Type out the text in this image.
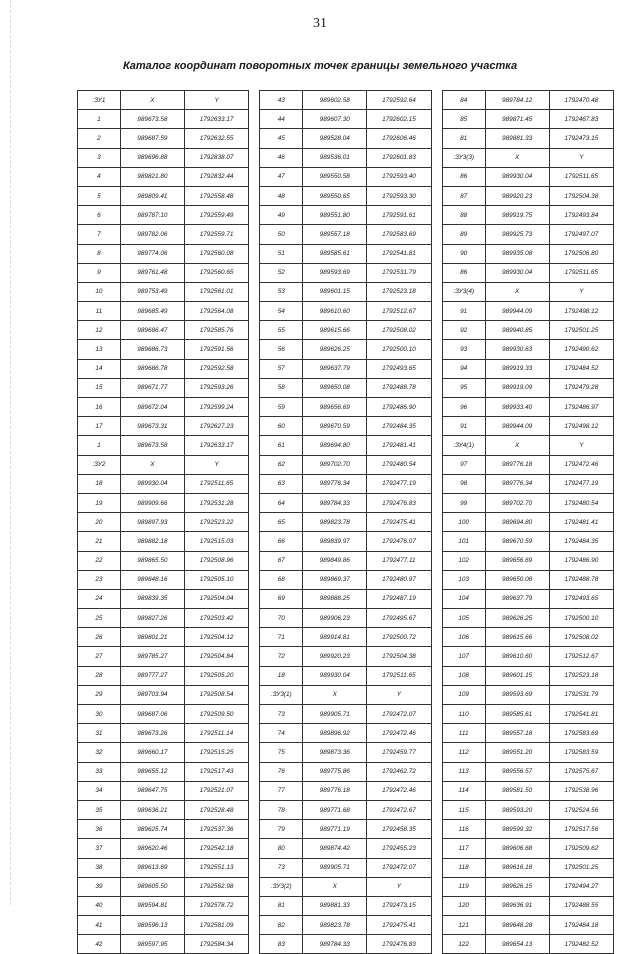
31
Каталог координат поворотных точек границы земельного участка
:ЗУ1	X	Y		43	989602.58	1792592.64		84	989784.12	1792470.48
1	989673.58	1792633.17		44	989607.30	1792602.15		85	989871.45	1792467.83
2	989687.59	1792632.55		45	989528.04	1792606.46		81	989881.33	1792473.15
3	989696.88	1792838.07		46	989536.01	1792601.83		:ЗУ3(3)	X	Y
4	989821.80	1792832.44		47	989550.58	1792593.40		86	989930.04	1792511.65
5	989809.41	1792558.48		48	989550.65	1792593.30		87	989920.23	1792504.38
6	989787.10	1792559.49		49	989551.80	1792591.61		88	989919.75	1792493.84
7	989782.06	1792559.71		50	989557.18	1792583.69		89	989925.73	1792497.07
8	989774.06	1792560.08		51	989585.61	1792541.81		90	989935.08	1792506.80
9	989761.48	1792560.65		52	989593.69	1792531.79		86	989930.04	1792511.65
10	989753.49	1792561.01		53	989601.15	1792523.18		:ЗУ3(4)	X	Y
11	989685.49	1792564.08		54	989610.60	1792512.67		91	989944.09	1792498.12
12	989686.47	1792585.76		55	989615.66	1792508.02		92	989940.85	1792501.25
13	989686.73	1792591.56		56	989626.25	1792500.10		93	989930.63	1792490.62
14	989686.78	1792592.58		57	989637.79	1792493.65		94	989919.33	1792484.52
15	989671.77	1792593.26		58	989650.08	1792488.78		95	989919.09	1792479.28
16	989672.04	1792599.24		59	989656.69	1792486.90		96	989933.40	1792486.97
17	989673.31	1792627.23		60	989670.59	1792484.35		91	989944.09	1792498.12
1	989673.58	1792633.17		61	989694.80	1792481.41		:ЗУ4(1)	X	Y
:ЗУ2	X	Y		62	989702.70	1792480.54		97	989776.18	1792472.46
18	989930.04	1792511.65		63	989776.34	1792477.19		98	989776.34	1792477.19
19	989909.66	1792531.28		64	989784.33	1792476.83		99	989702.70	1792480.54
20	989897.93	1792523.22		65	989823.78	1792475.41		100	989694.80	1792481.41
21	989882.18	1792515.03		66	989839.97	1792476.07		101	989670.59	1792484.35
22	989865.50	1792508.96		67	989849.86	1792477.11		102	989656.69	1792486.90
23	989848.16	1792505.10		68	989869.37	1792480.97		103	989650.08	1792488.78
24	989839.35	1792504.04		69	989888.25	1792487.19		104	989637.79	1792493.65
25	989827.26	1792503.42		70	989906.23	1792495.67		105	989626.25	1792500.10
26	989801.21	1792504.12		71	989914.81	1792500.72		106	989615.66	1792508.02
27	989785.27	1792504.84		72	989920.23	1792504.38		107	989610.60	1792512.67
28	989777.27	1792505.20		18	989930.04	1792511.65		108	989601.15	1792523.18
29	989703.94	1792508.54		:ЗУ3(1)	X	Y		109	989593.69	1792531.79
30	989687.06	1792509.50		73	989905.71	1792472.07		110	989585.61	1792541.81
31	989673.26	1792511.14		74	989896.92	1792472.46		111	989557.18	1792583.69
32	989660.17	1792515.25		75	989873.36	1792459.77		112	989551.20	1792583.59
33	989655.12	1792517.43		76	989775.86	1792462.72		113	989556.57	1792575.67
34	989647.75	1792521.07		77	989776.18	1792472.46		114	989581.50	1792538.96
35	989636.21	1792528.48		78	989771.68	1792472.67		115	989593.20	1792524.56
36	989625.74	1792537.36		79	989771.19	1792458.35		116	989599.32	1792517.56
37	989620.46	1792542.18		80	989874.42	1792455.23		117	989606.68	1792509.62
38	989613.69	1792551.13		73	989905.71	1792472.07		118	989616.18	1792501.25
39	989605.50	1792562.98		:ЗУ3(2)	X	Y		119	989626.15	1792494.27
40	989594.81	1792578.72		81	989881.33	1792473.15		120	989636.91	1792488.55
41	989596.13	1792581.09		82	989823.78	1792475.41		121	989648.28	1792484.18
42	989597.95	1792584.34		83	989784.33	1792476.83		122	989654.13	1792482.52
